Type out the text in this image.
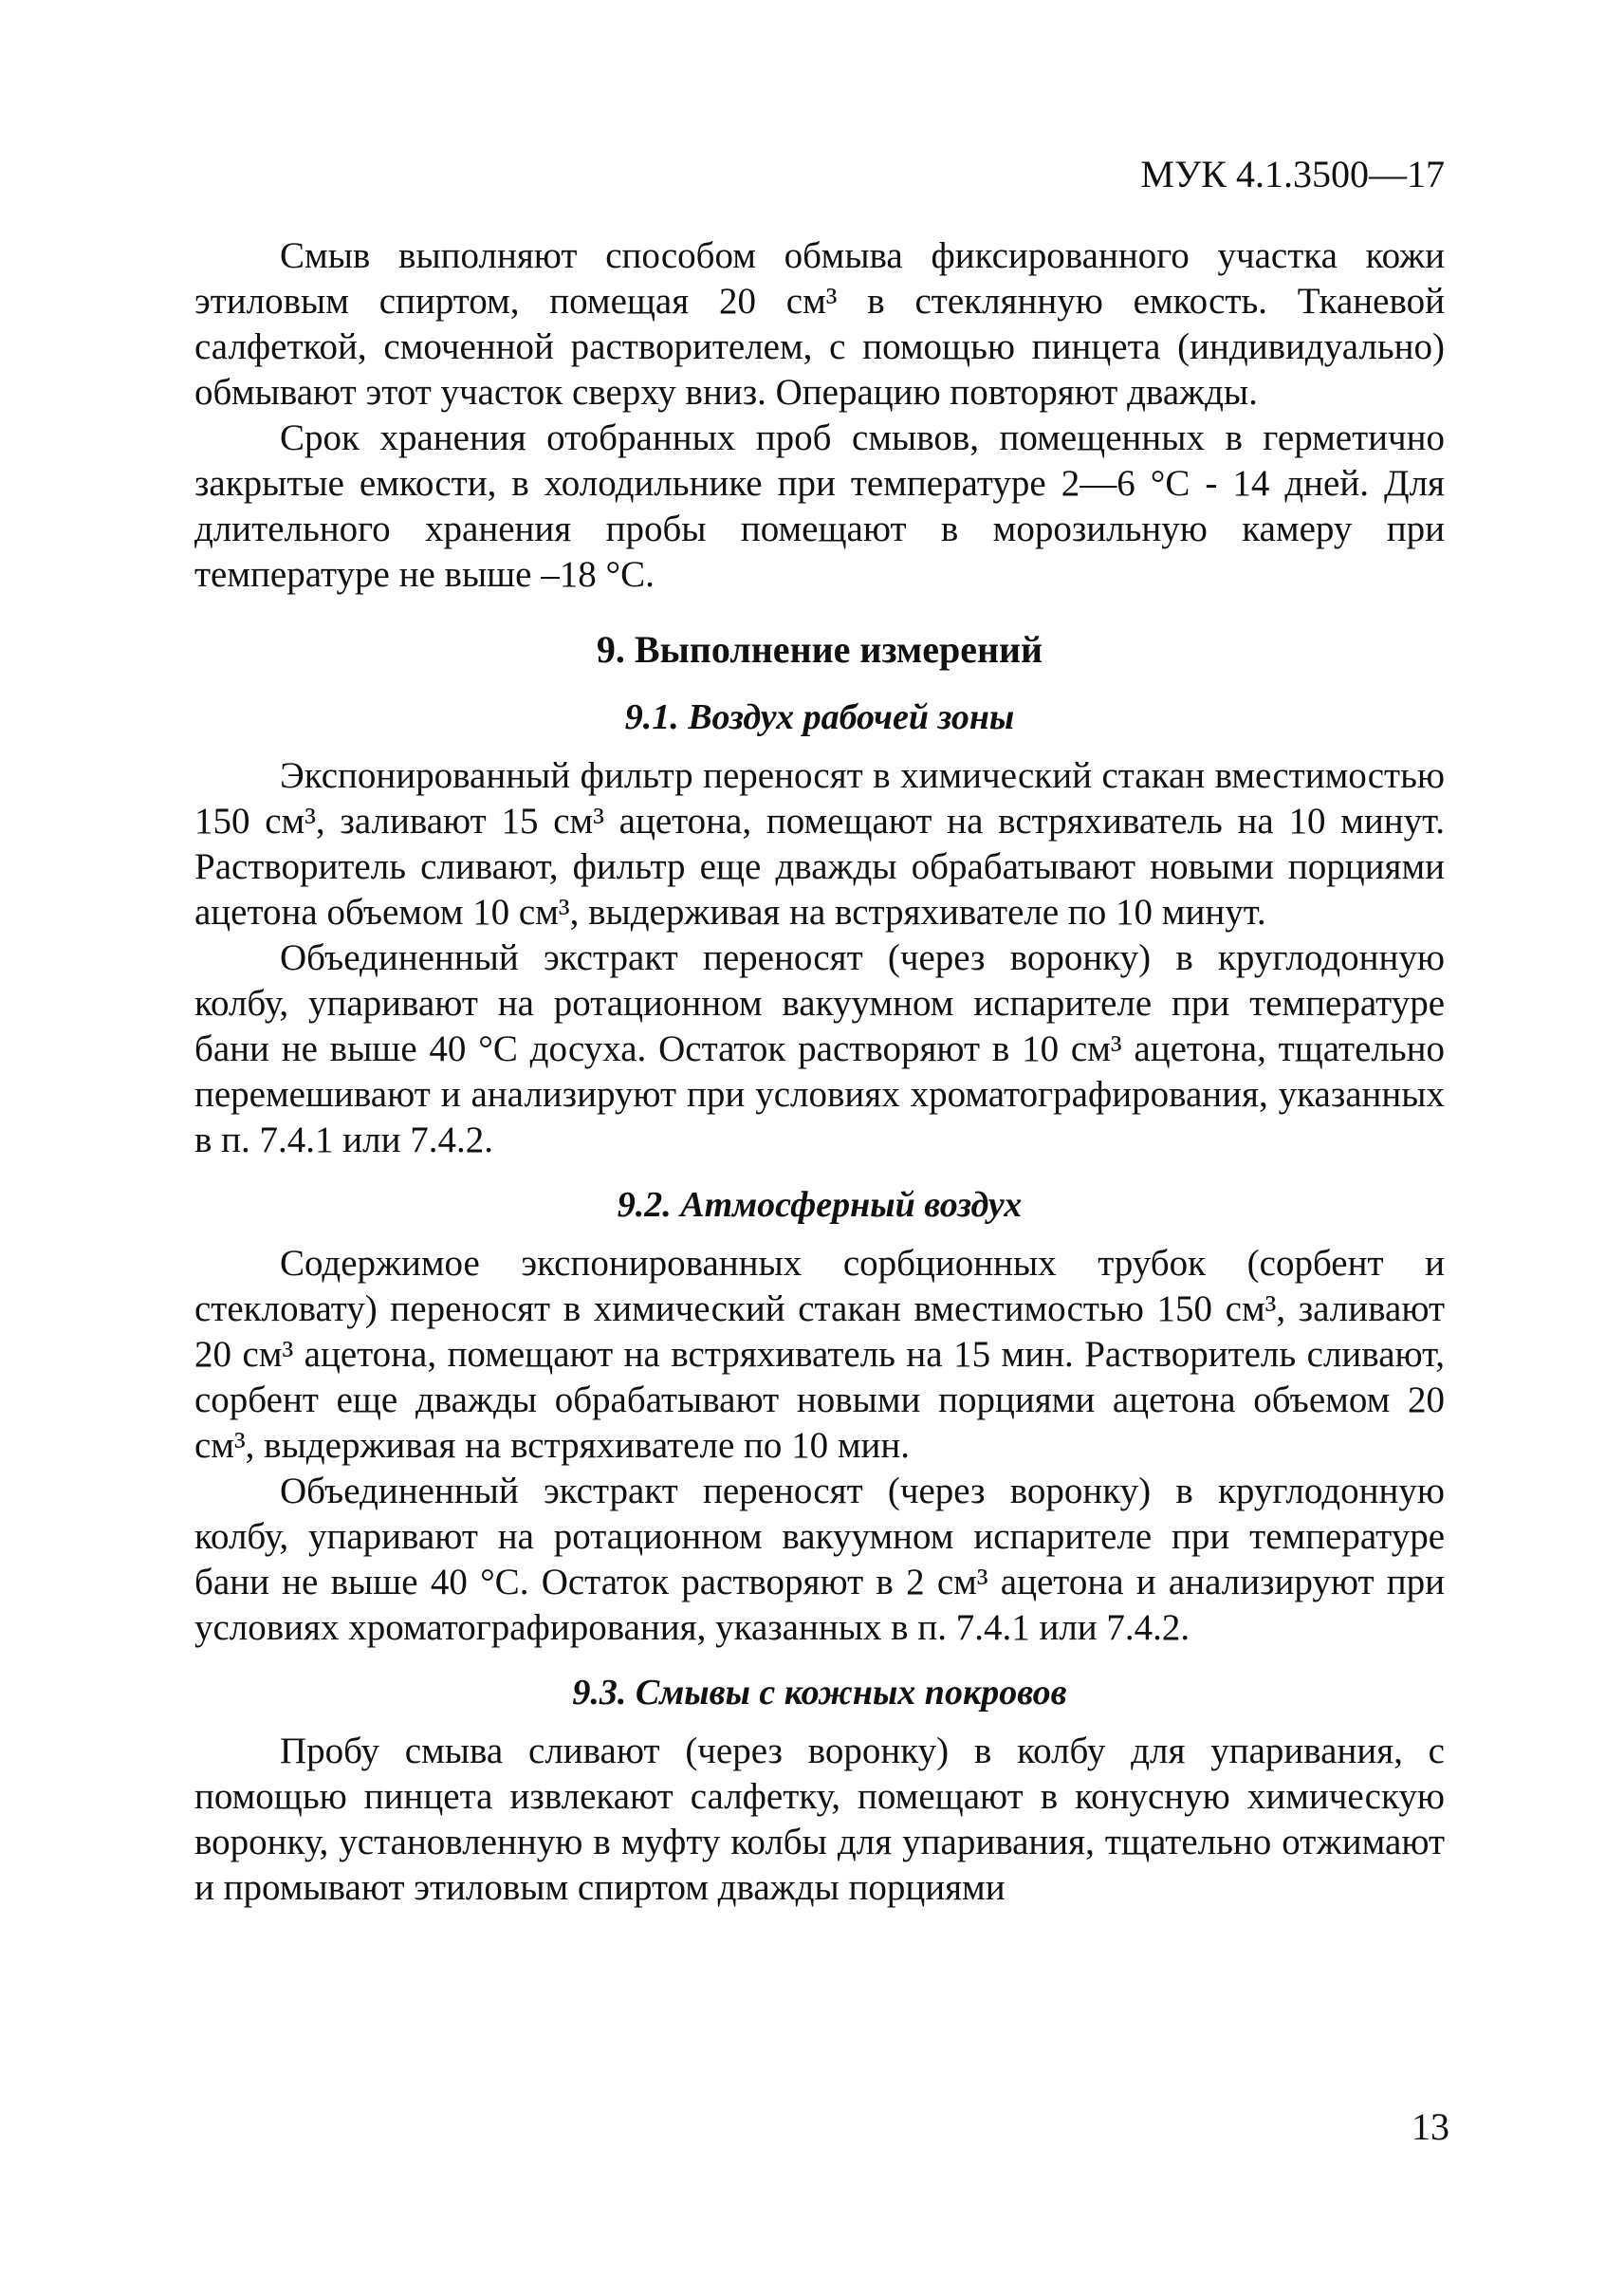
МУК 4.1.3500—17

Смыв выполняют способом обмыва фиксированного участка кожи этиловым спиртом, помещая 20 см³ в стеклянную емкость. Тканевой салфеткой, смоченной растворителем, с помощью пинцета (индивидуально) обмывают этот участок сверху вниз. Операцию повторяют дважды.

Срок хранения отобранных проб смывов, помещенных в герметично закрытые емкости, в холодильнике при температуре 2—6 °С - 14 дней. Для длительного хранения пробы помещают в морозильную камеру при температуре не выше –18 °С.

9. Выполнение измерений
9.1. Воздух рабочей зоны

Экспонированный фильтр переносят в химический стакан вместимостью 150 см³, заливают 15 см³ ацетона, помещают на встряхиватель на 10 минут. Растворитель сливают, фильтр еще дважды обрабатывают новыми порциями ацетона объемом 10 см³, выдерживая на встряхивателе по 10 минут.

Объединенный экстракт переносят (через воронку) в круглодонную колбу, упаривают на ротационном вакуумном испарителе при температуре бани не выше 40 °С досуха. Остаток растворяют в 10 см³ ацетона, тщательно перемешивают и анализируют при условиях хроматографирования, указанных в п. 7.4.1 или 7.4.2.

9.2. Атмосферный воздух

Содержимое экспонированных сорбционных трубок (сорбент и стекловату) переносят в химический стакан вместимостью 150 см³, заливают 20 см³ ацетона, помещают на встряхиватель на 15 мин. Растворитель сливают, сорбент еще дважды обрабатывают новыми порциями ацетона объемом 20 см³, выдерживая на встряхивателе по 10 мин.

Объединенный экстракт переносят (через воронку) в круглодонную колбу, упаривают на ротационном вакуумном испарителе при температуре бани не выше 40 °С. Остаток растворяют в 2 см³ ацетона и анализируют при условиях хроматографирования, указанных в п. 7.4.1 или 7.4.2.

9.3. Смывы с кожных покровов

Пробу смыва сливают (через воронку) в колбу для упаривания, с помощью пинцета извлекают салфетку, помещают в конусную химическую воронку, установленную в муфту колбы для упаривания, тщательно отжимают и промывают этиловым спиртом дважды порциями

13
